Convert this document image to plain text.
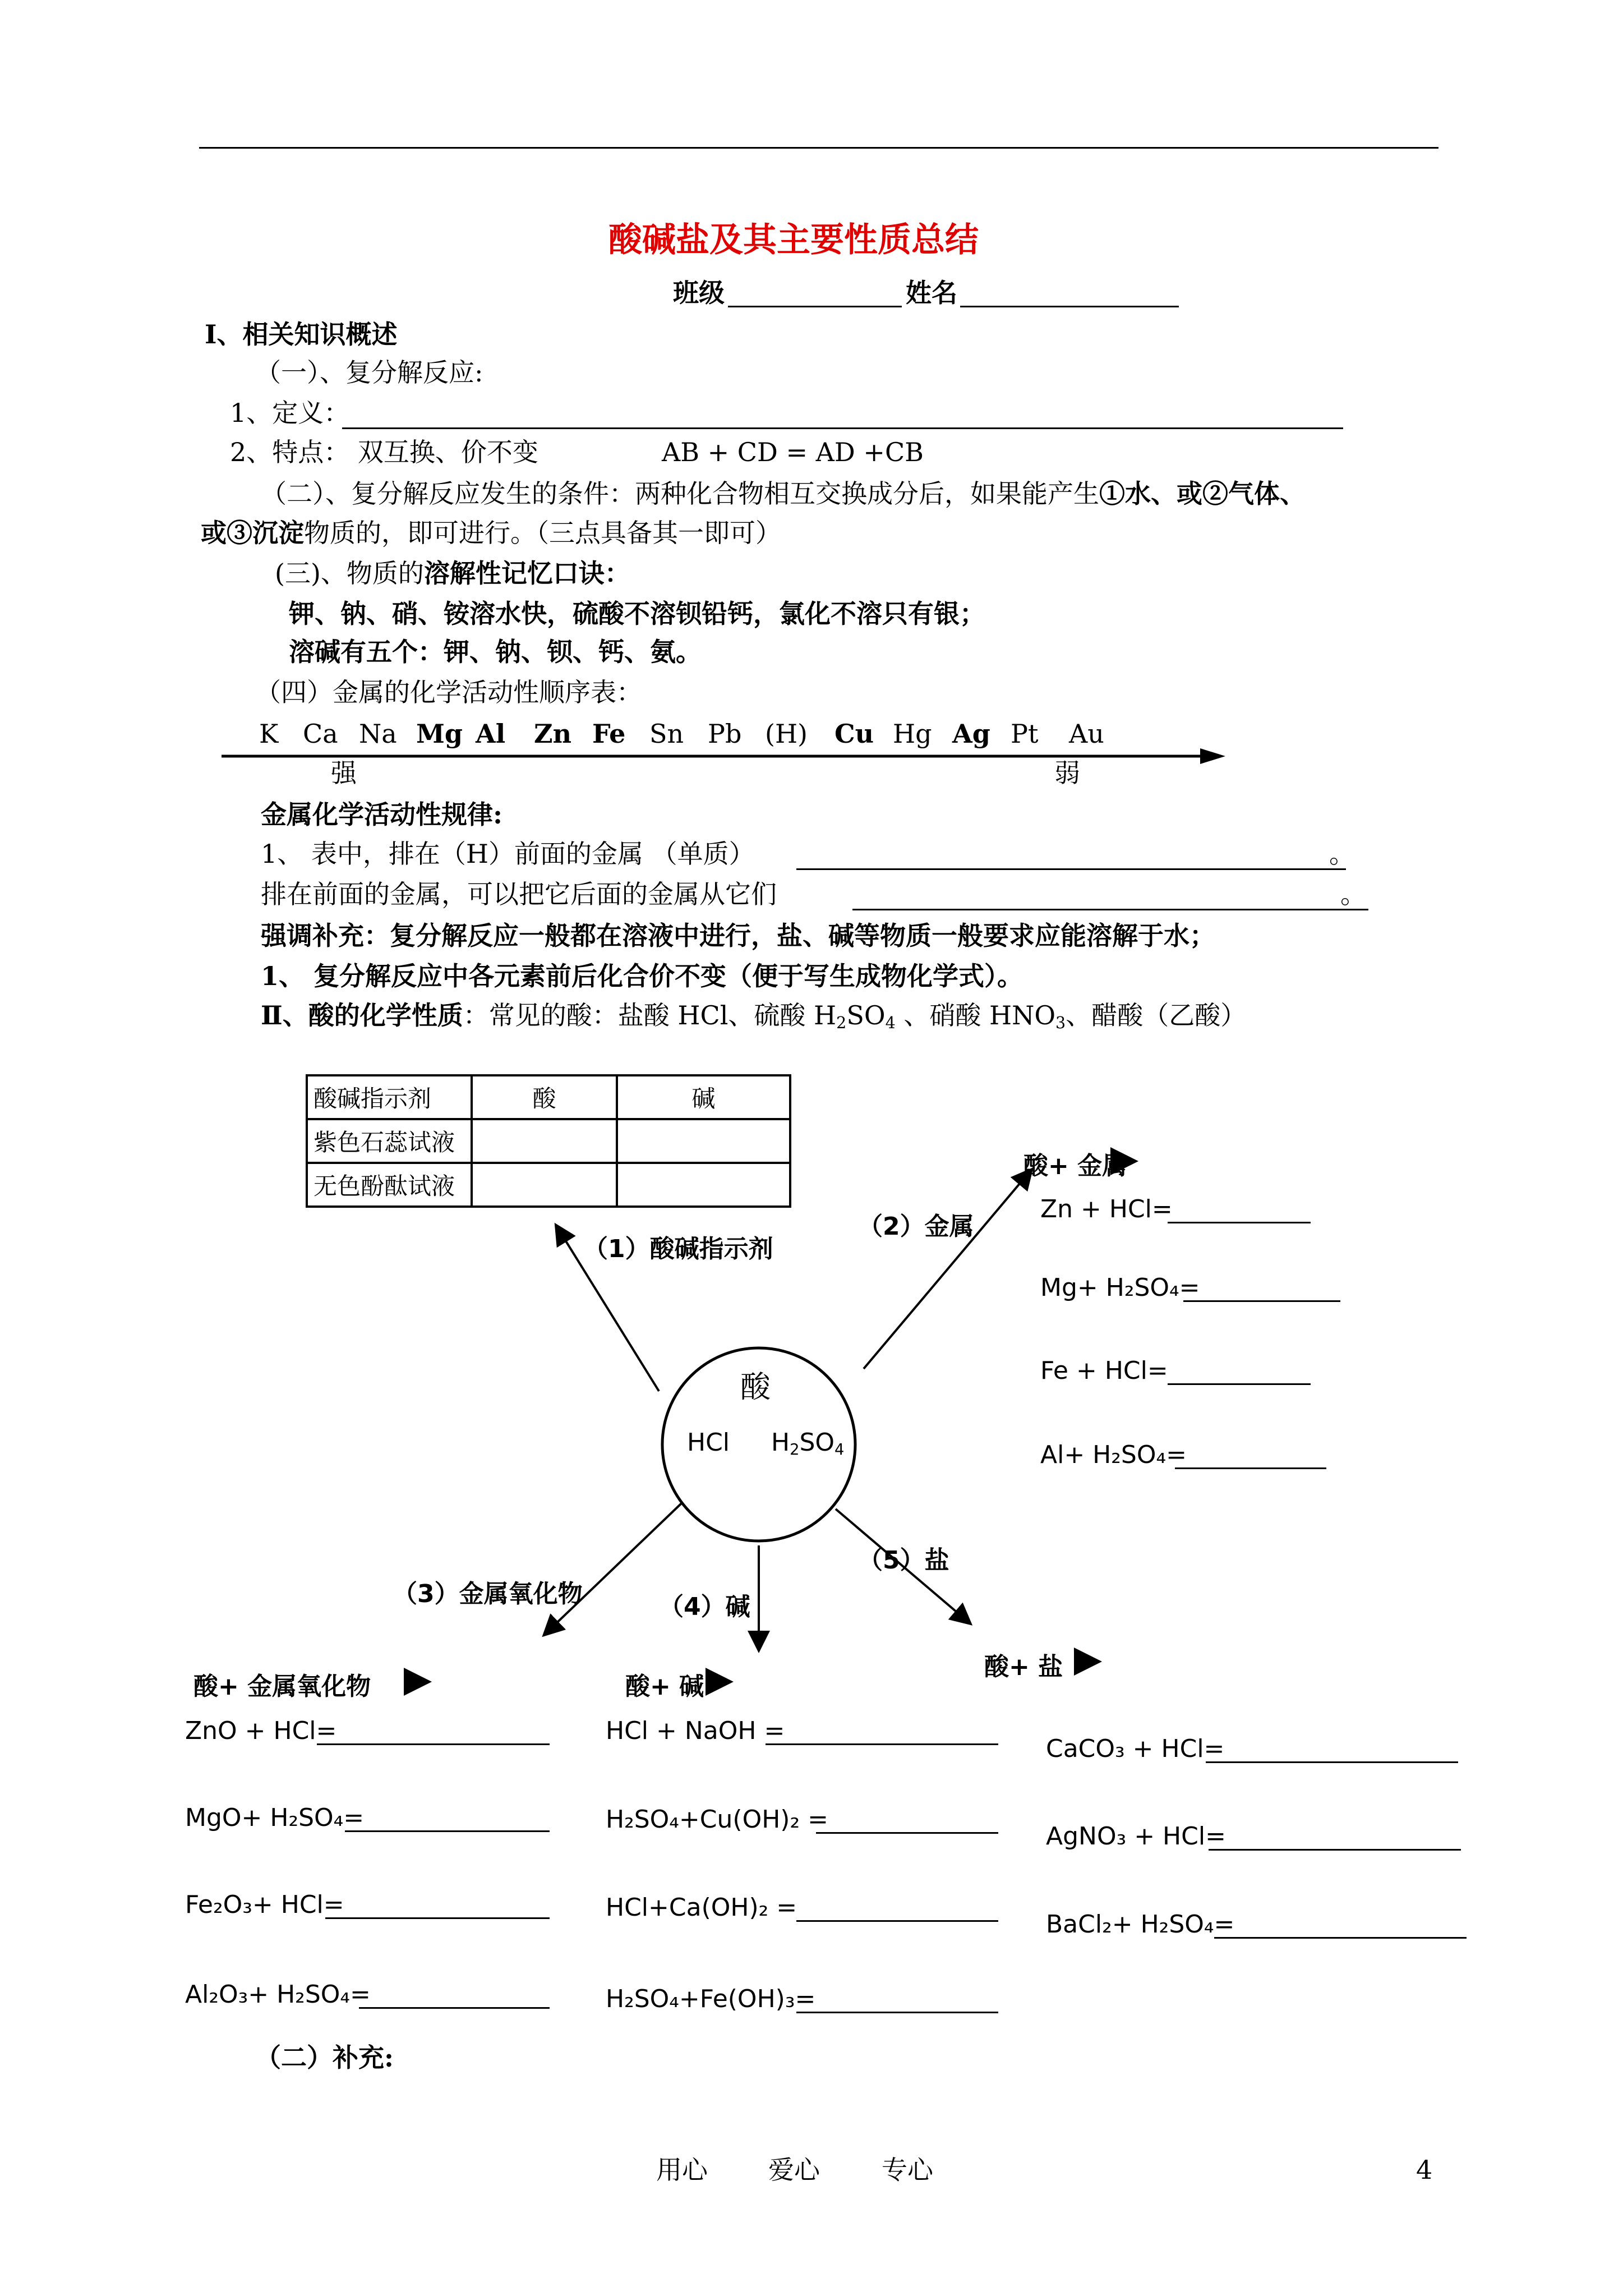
酸碱盐及其主要性质总结
班级	姓名
Ⅰ、相关知识概述
（一）、复分解反应:
1、定义：
2、特点： 双互换、价不变	AB + CD = AD +CB
（二）、复分解反应发生的条件：两种化合物相互交换成分后，如果能产生①水、或②气体、
或③沉淀物质的，即可进行。（三点具备其一即可）
(三)、物质的溶解性记忆口诀：
钾、钠、硝、铵溶水快，硫酸不溶钡铅钙，氯化不溶只有银；
溶碱有五个：钾、钠、钡、钙、氨。
（四）金属的化学活动性顺序表：
K Ca Na Mg Al Zn Fe Sn Pb (H) Cu Hg Ag Pt Au
强	弱
金属化学活动性规律:
1、 表中，排在（H）前面的金属 （单质）	。
排在前面的金属，可以把它后面的金属从它们	。
强调补充：复分解反应一般都在溶液中进行，盐、碱等物质一般要求应能溶解于水；
1、 复分解反应中各元素前后化合价不变（便于写生成物化学式）。
Ⅱ、酸的化学性质：常见的酸：盐酸 HCl、硫酸 $H_2SO_4$ 、硝酸 $HNO_3$、醋酸（乙酸）
酸碱指示剂	酸	碱
紫色石蕊试液		
无色酚酞试液		
酸
HCl $H_2SO_4$
（1）酸碱指示剂
（2）金属
（3）金属氧化物	（4）碱
（5）盐
酸+ 金属
酸+ 金属氧化物	酸+ 碱
酸+ 盐
Zn + HCl=
Mg+ H₂SO₄=
Fe + HCl=
Al+ H₂SO₄=
ZnO + HCl=
MgO+ H₂SO₄=
Fe₂O₃+ HCl=
Al₂O₃+ H₂SO₄=
HCl + NaOH =
H₂SO₄+Cu(OH)₂ =
HCl+Ca(OH)₂ =
H₂SO₄+Fe(OH)₃=
CaCO₃ + HCl=
AgNO₃ + HCl=
BaCl₂+ H₂SO₄=
（二）补充:
用心 爱心 专心	4
